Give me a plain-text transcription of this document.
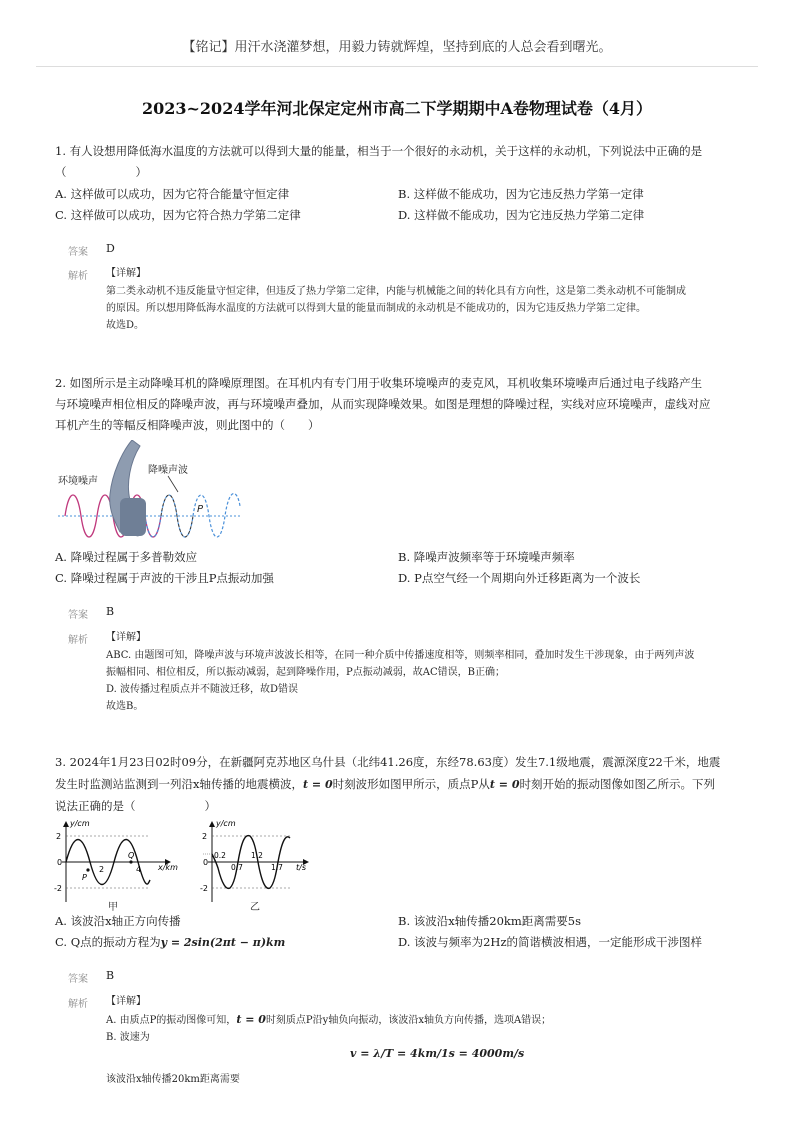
【铭记】用汗水浇灌梦想，用毅力铸就辉煌，坚持到底的人总会看到曙光。
2023~2024学年河北保定定州市高二下学期期中A卷物理试卷（4月）
1. 有人设想用降低海水温度的方法就可以得到大量的能量，相当于一个很好的永动机，关于这样的永动机，下列说法中正确的是
（　　　　　　）
A. 这样做可以成功，因为它符合能量守恒定律	B. 这样做不能成功，因为它违反热力学第一定律
C. 这样做可以成功，因为它符合热力学第二定律	D. 这样做不能成功，因为它违反热力学第二定律
答案 D
解析 【详解】
第二类永动机不违反能量守恒定律，但违反了热力学第二定律，内能与机械能之间的转化具有方向性，这是第二类永动机不可能制成
的原因。所以想用降低海水温度的方法就可以得到大量的能量而制成的永动机是不能成功的，因为它违反热力学第二定律。
故选D。
2. 如图所示是主动降噪耳机的降噪原理图。在耳机内有专门用于收集环境噪声的麦克风，耳机收集环境噪声后通过电子线路产生
与环境噪声相位相反的降噪声波，再与环境噪声叠加，从而实现降噪效果。如图是理想的降噪过程，实线对应环境噪声，虚线对应
耳机产生的等幅反相降噪声波，则此图中的（　　）
环境噪声
降噪声波
P
A. 降噪过程属于多普勒效应	B. 降噪声波频率等于环境噪声频率
C. 降噪过程属于声波的干涉且P点振动加强	D. P点空气经一个周期向外迁移距离为一个波长
答案 B
解析 【详解】
ABC. 由题图可知，降噪声波与环境声波波长相等，在同一种介质中传播速度相等，则频率相同，叠加时发生干涉现象，由于两列声波
振幅相同、相位相反，所以振动减弱，起到降噪作用，P点振动减弱，故AC错误，B正确；
D. 波传播过程质点并不随波迁移，故D错误
故选B。
3. 2024年1月23日02时09分，在新疆阿克苏地区乌什县（北纬41.26度，东经78.63度）发生7.1级地震，震源深度22千米，地震
发生时监测站监测到一列沿x轴传播的地震横波，t = 0时刻波形如图甲所示，质点P从t = 0时刻开始的振动图像如图乙所示。下列
说法正确的是（　　　　　　）
y/cm
x/km
2
0
-2
2	4
P
Q
甲
y/cm
t/s
2
0
-2
0.2
0.7
1.2
1.7
乙
A. 该波沿x轴正方向传播	B. 该波沿x轴传播20km距离需要5s
C. Q点的振动方程为y = 2sin(2πt − π)km	D. 该波与频率为2Hz的简谐横波相遇，一定能形成干涉图样
答案 B
解析 【详解】
A. 由质点P的振动图像可知，t = 0时刻质点P沿y轴负向振动，该波沿x轴负方向传播，选项A错误；
B. 波速为
v = λ/T = 4km/1s = 4000m/s
该波沿x轴传播20km距离需要
